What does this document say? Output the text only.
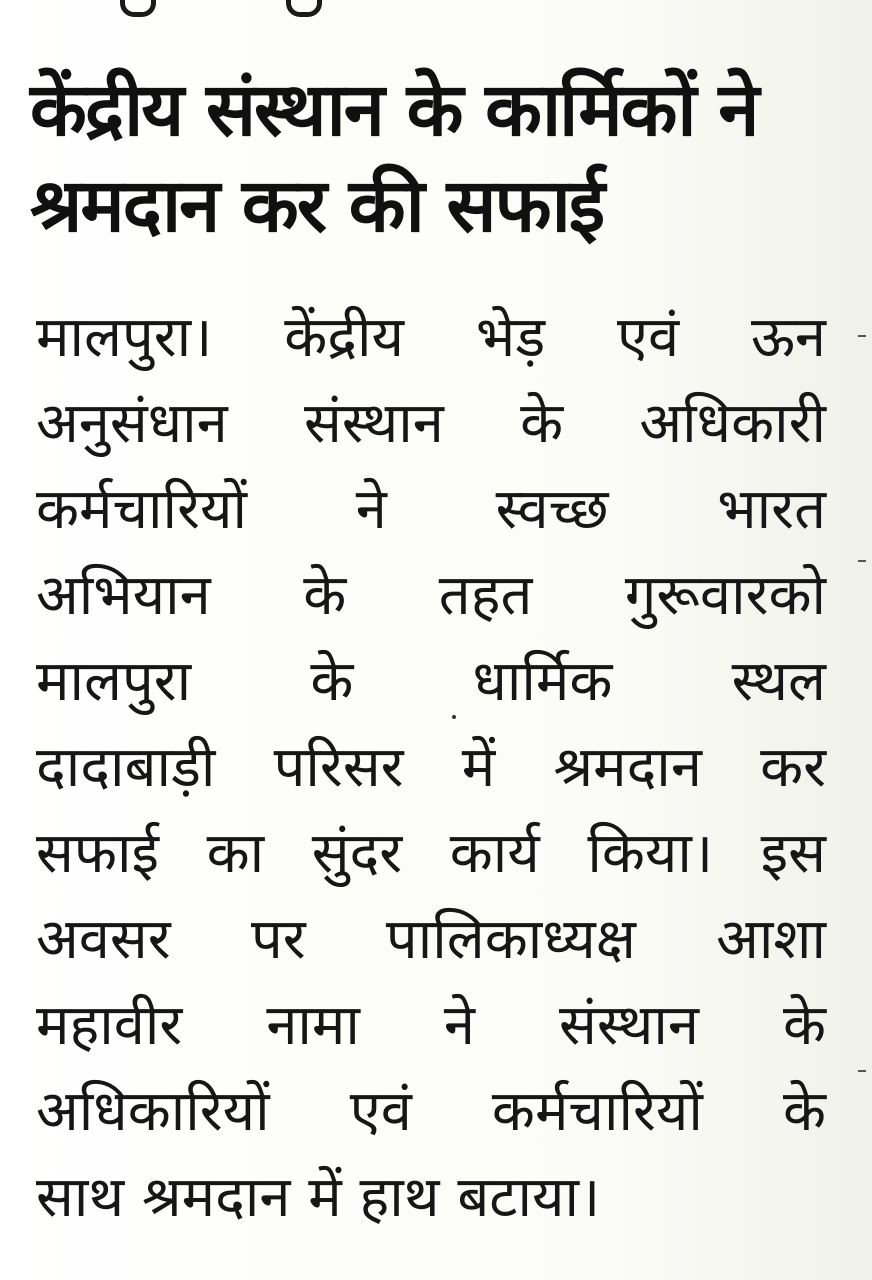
केंद्रीय संस्थान के कार्मिकों ने
श्रमदान कर की सफाई
मालपुरा। केंद्रीय भेड़ एवं ऊन
अनुसंधान संस्थान के अधिकारी
कर्मचारियों ने स्वच्छ भारत
अभियान के तहत गुरूवारको
मालपुरा के धार्मिक स्थल
दादाबाड़ी परिसर में श्रमदान कर
सफाई का सुंदर कार्य किया। इस
अवसर पर पालिकाध्यक्ष आशा
महावीर नामा ने संस्थान के
अधिकारियों एवं कर्मचारियों के
साथ श्रमदान में हाथ बटाया।
